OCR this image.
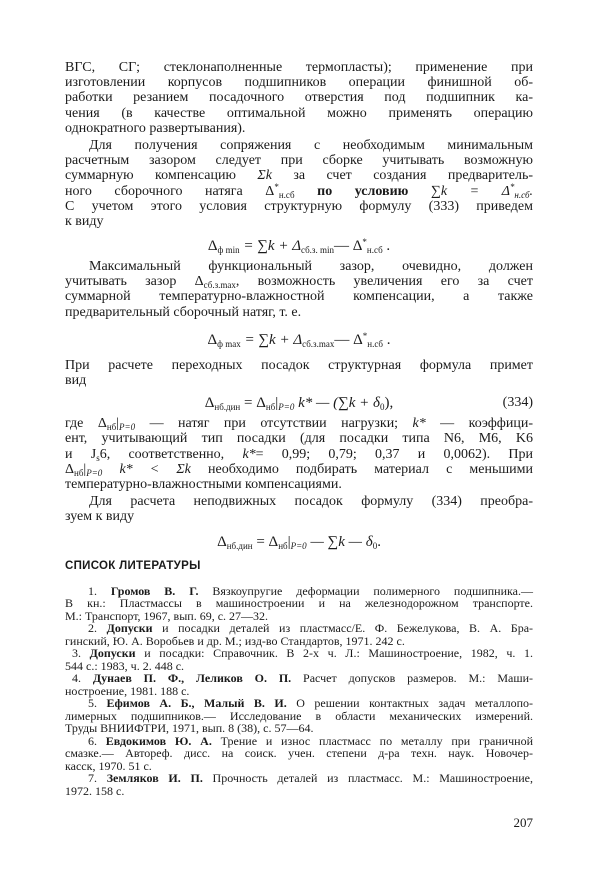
ВГС, СГ; стеклонаполненные термопласты); применение при
изготовлении корпусов подшипников операции финишной об-
работки резанием посадочного отверстия под подшипник ка-
чения (в качестве оптимальной можно применять операцию
однократного развертывания).
Для получения сопряжения с необходимым минимальным
расчетным зазором следует при сборке учитывать возможную
суммарную компенсацию Σk за счет создания предваритель-
ного сборочного натяга $\Delta^*_{н.сб}$ по условию $\sum k = \Delta^*_{н.сб}$.
С учетом этого условия структурную формулу (333) приведем
к виду
$\Delta_{ф min} = \sum k$ + $\Delta_{сб.з. min}—$ $\Delta^*_{н.сб}$ .
Максимальный функциональный зазор, очевидно, должен
учитывать зазор $\Delta_{сб.з.max}$, возможность увеличения его за счет
суммарной температурно-влажностной компенсации, а также
предварительный сборочный натяг, т. е.
$\Delta_{ф max} = \sum k$ + $\Delta_{сб.з.max}—$ $\Delta^*_{н.сб}$ .
При расчете переходных посадок структурная формула примет
вид
$\Delta_{нб.дин} = \Delta_{нб}|_{P=0}$ k* — $(\sum k + \delta_0)$,	(334)
где $\Delta_{нб}|_{P=0}$ — натяг при отсутствии нагрузки; k* — коэффици-
ент, учитывающий тип посадки (для посадки типа N6, M6, K6
и $J_s6$, соответственно, k*= 0,99; 0,79; 0,37 и 0,0062). При
$\Delta_{нб}|_{P=0}$ k* < Σk необходимо подбирать материал с меньшими
температурно-влажностными компенсациями.
Для расчета неподвижных посадок формулу (334) преобра-
зуем к виду
$\Delta_{нб.дин} = \Delta_{нб}|_{P=0}$ — ∑k — $\delta_0$.
СПИСОК ЛИТЕРАТУРЫ
1. Громов В. Г. Вязкоупругие деформации полимерного подшипника.—
В кн.: Пластмассы в машиностроении и на железнодорожном транспорте.
М.: Транспорт, 1967, вып. 69, с. 27—32.
2. Допуски и посадки деталей из пластмасс/Е. Ф. Бежелукова, В. А. Бра-
гинский, Ю. А. Воробьев и др. М.; изд-во Стандартов, 1971. 242 с.
3. Допуски и посадки: Справочник. В 2-х ч. Л.: Машиностроение, 1982, ч. 1.
544 с.: 1983, ч. 2. 448 с.
4. Дунаев П. Ф., Леликов О. П. Расчет допусков размеров. М.: Маши-
ностроение, 1981. 188 с.
5. Ефимов А. Б., Малый В. И. О решении контактных задач металлопо-
лимерных подшипников.— Исследование в области механических измерений.
Труды ВНИИФТРИ, 1971, вып. 8 (38), с. 57—64.
6. Евдокимов Ю. А. Трение и износ пластмасс по металлу при граничной
смазке.— Автореф. дисс. на соиск. учен. степени д-ра техн. наук. Новочер-
касск, 1970. 51 с.
7. Земляков И. П. Прочность деталей из пластмасс. М.: Машиностроение,
1972. 158 с.
207
